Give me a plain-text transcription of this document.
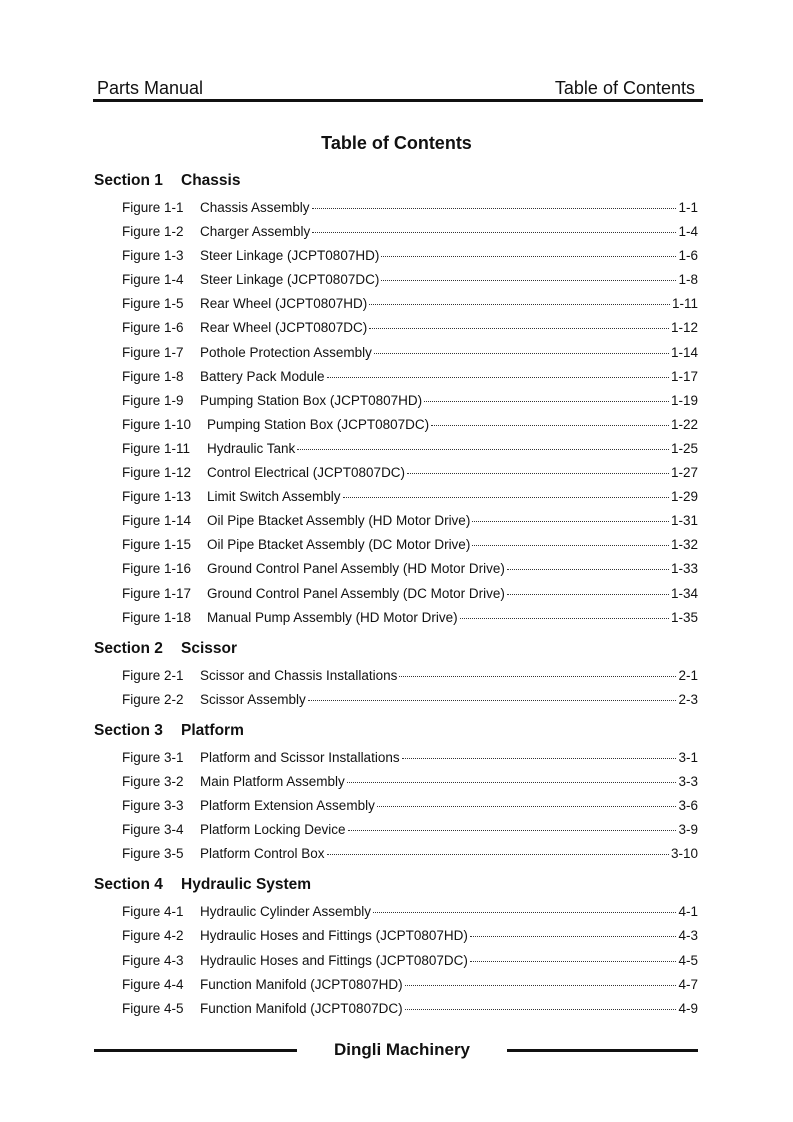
Parts Manual	Table of Contents
Table of Contents
Section 1 Chassis
Figure 1-1 Chassis Assembly	1-1
Figure 1-2 Charger Assembly	1-4
Figure 1-3 Steer Linkage (JCPT0807HD)	1-6
Figure 1-4 Steer Linkage (JCPT0807DC)	1-8
Figure 1-5 Rear Wheel (JCPT0807HD)	1-11
Figure 1-6 Rear Wheel (JCPT0807DC)	1-12
Figure 1-7 Pothole Protection Assembly	1-14
Figure 1-8 Battery Pack Module	1-17
Figure 1-9 Pumping Station Box (JCPT0807HD)	1-19
Figure 1-10 Pumping Station Box (JCPT0807DC)	1-22
Figure 1-11 Hydraulic Tank	1-25
Figure 1-12 Control Electrical (JCPT0807DC)	1-27
Figure 1-13 Limit Switch Assembly	1-29
Figure 1-14 Oil Pipe Btacket Assembly (HD Motor Drive)	1-31
Figure 1-15 Oil Pipe Btacket Assembly (DC Motor Drive)	1-32
Figure 1-16 Ground Control Panel Assembly (HD Motor Drive)	1-33
Figure 1-17 Ground Control Panel Assembly (DC Motor Drive)	1-34
Figure 1-18 Manual Pump Assembly (HD Motor Drive)	1-35
Section 2 Scissor
Figure 2-1 Scissor and Chassis Installations	2-1
Figure 2-2 Scissor Assembly	2-3
Section 3 Platform
Figure 3-1 Platform and Scissor Installations	3-1
Figure 3-2 Main Platform Assembly	3-3
Figure 3-3 Platform Extension Assembly	3-6
Figure 3-4 Platform Locking Device	3-9
Figure 3-5 Platform Control Box	3-10
Section 4 Hydraulic System
Figure 4-1 Hydraulic Cylinder Assembly	4-1
Figure 4-2 Hydraulic Hoses and Fittings (JCPT0807HD)	4-3
Figure 4-3 Hydraulic Hoses and Fittings (JCPT0807DC)	4-5
Figure 4-4 Function Manifold (JCPT0807HD)	4-7
Figure 4-5 Function Manifold (JCPT0807DC)	4-9
Dingli Machinery
